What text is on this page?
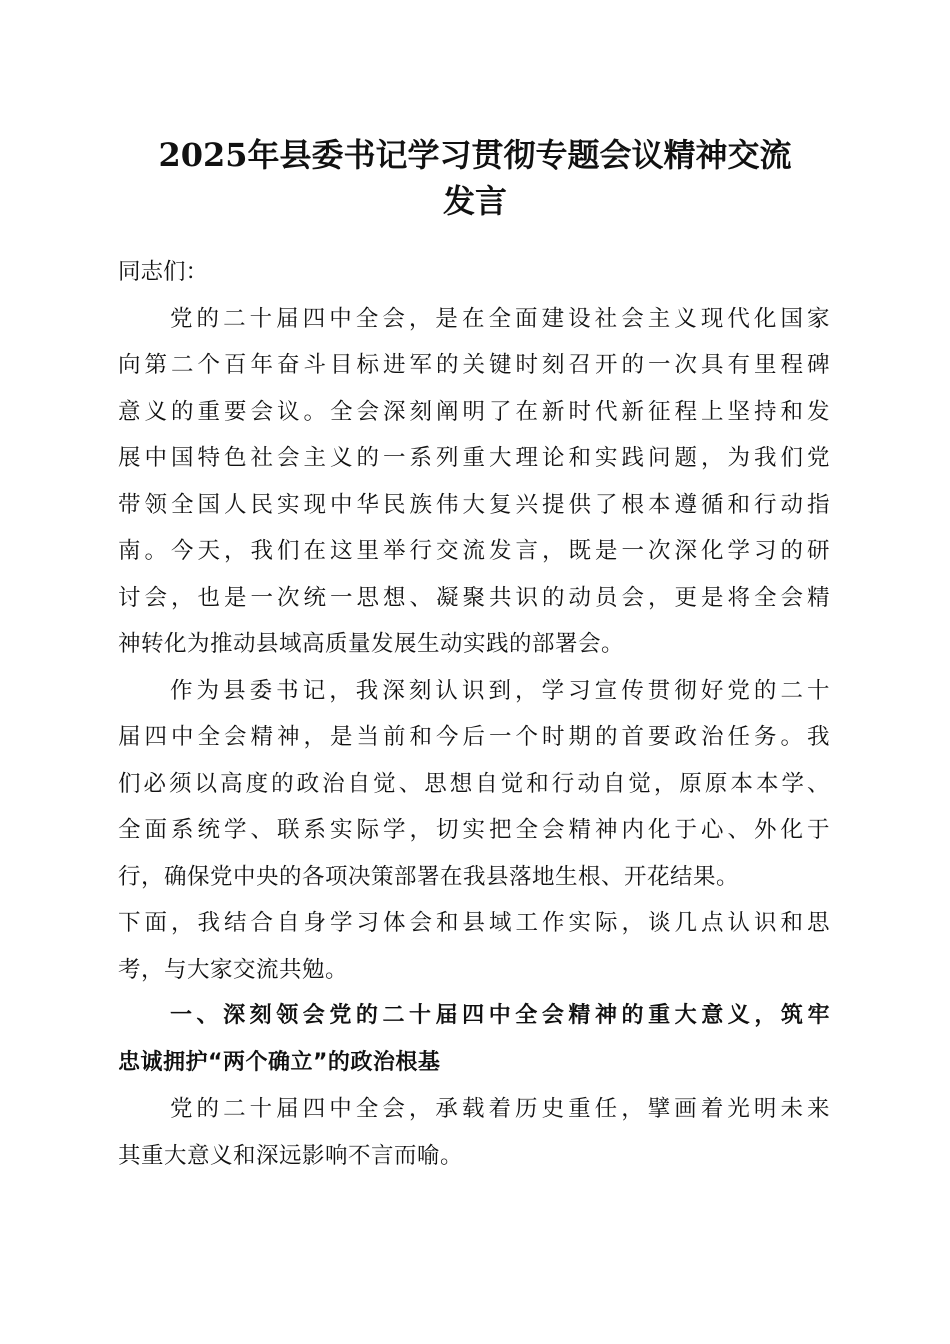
2025年县委书记学习贯彻专题会议精神交流
发言
同志们：
党的二十届四中全会，是在全面建设社会主义现代化国家
向第二个百年奋斗目标进军的关键时刻召开的一次具有里程碑
意义的重要会议。全会深刻阐明了在新时代新征程上坚持和发
展中国特色社会主义的一系列重大理论和实践问题，为我们党
带领全国人民实现中华民族伟大复兴提供了根本遵循和行动指
南。今天，我们在这里举行交流发言，既是一次深化学习的研
讨会，也是一次统一思想、凝聚共识的动员会，更是将全会精
神转化为推动县域高质量发展生动实践的部署会。
作为县委书记，我深刻认识到，学习宣传贯彻好党的二十
届四中全会精神，是当前和今后一个时期的首要政治任务。我
们必须以高度的政治自觉、思想自觉和行动自觉，原原本本学、
全面系统学、联系实际学，切实把全会精神内化于心、外化于
行，确保党中央的各项决策部署在我县落地生根、开花结果。
下面，我结合自身学习体会和县域工作实际，谈几点认识和思
考，与大家交流共勉。
一、深刻领会党的二十届四中全会精神的重大意义，筑牢
忠诚拥护“两个确立”的政治根基
党的二十届四中全会，承载着历史重任，擘画着光明未来
其重大意义和深远影响不言而喻。
